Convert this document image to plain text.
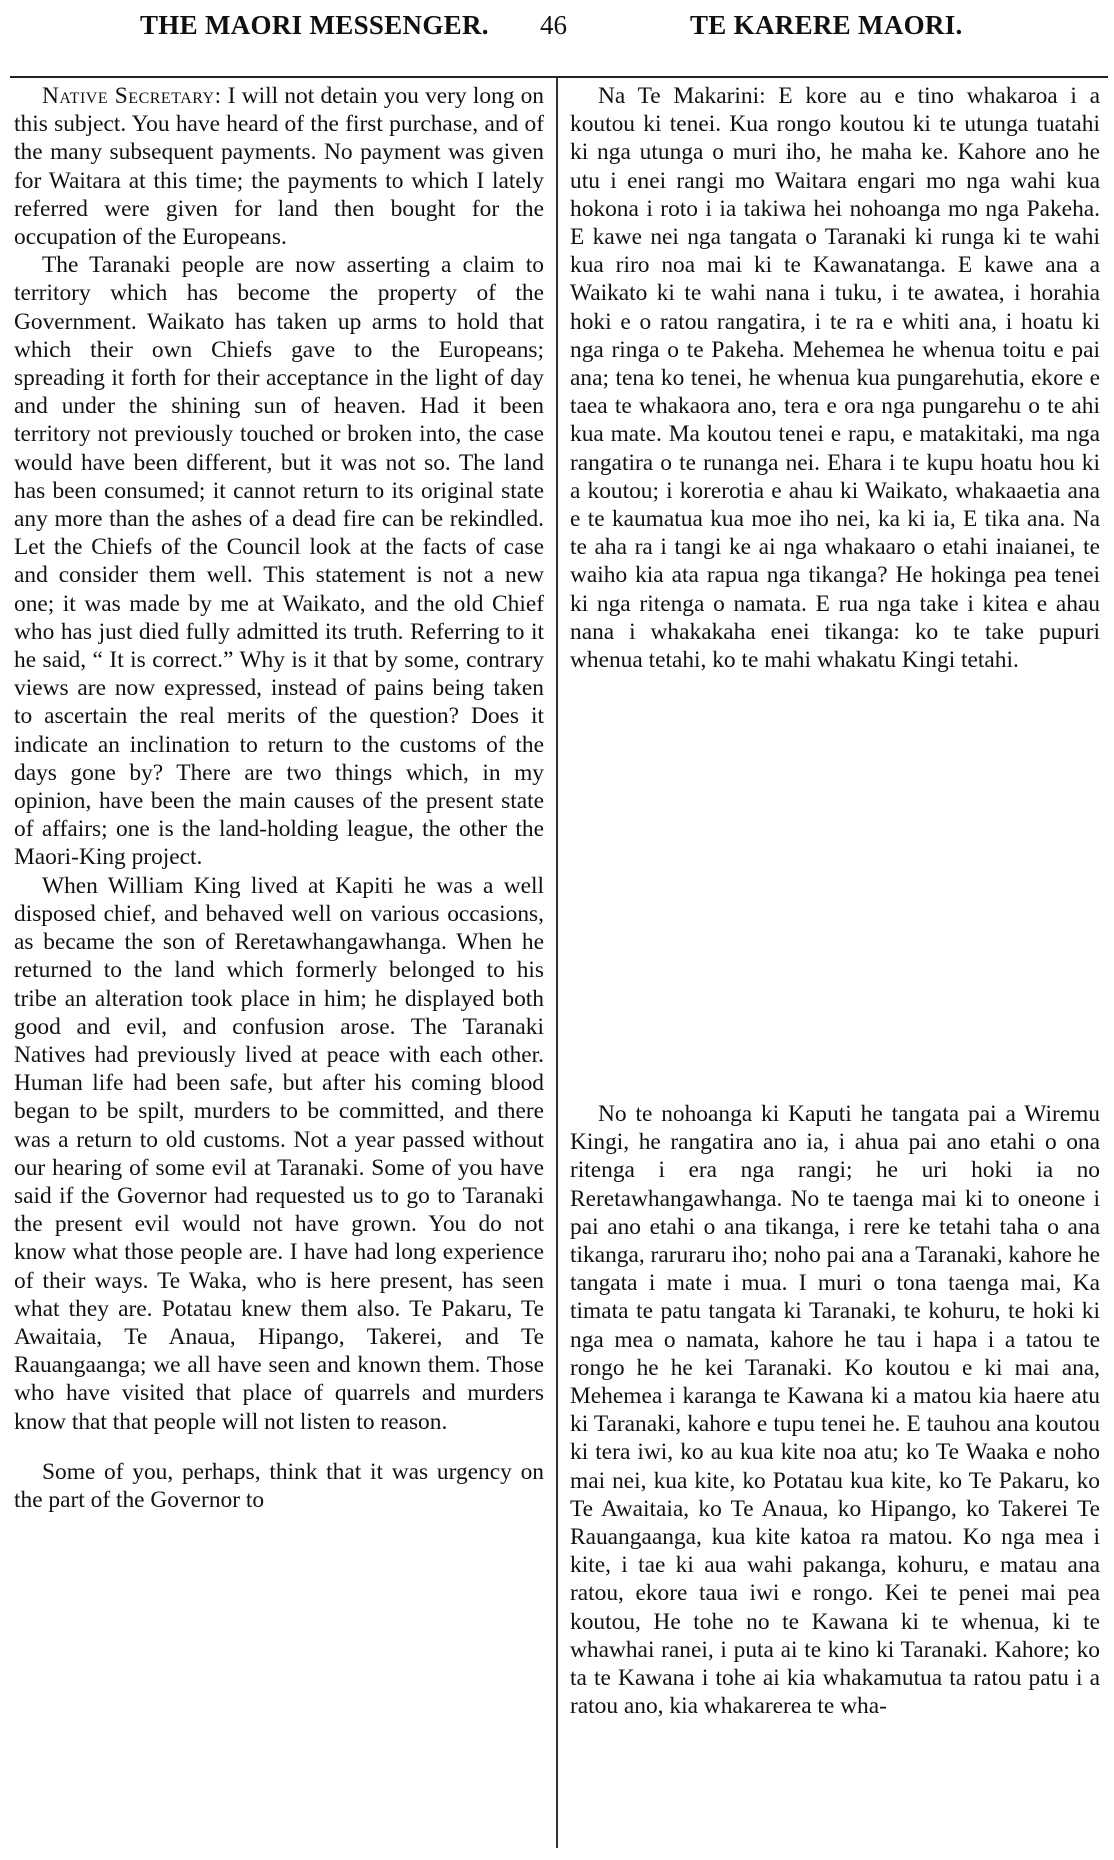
THE MAORI MESSENGER. 46	TE KARERE MAORI.

Native Secretary: I will not detain you very long on this subject. You have heard of the first purchase, and of the many subsequent payments. No payment was given for Waitara at this time; the payments to which I lately referred were given for land then bought for the occupation of the Europeans.

The Taranaki people are now asserting a claim to territory which has become the property of the Government. Waikato has taken up arms to hold that which their own Chiefs gave to the Europeans; spreading it forth for their acceptance in the light of day and under the shining sun of heaven. Had it been territory not previously touched or broken into, the case would have been different, but it was not so. The land has been consumed; it cannot return to its original state any more than the ashes of a dead fire can be rekindled. Let the Chiefs of the Council look at the facts of case and consider them well. This statement is not a new one; it was made by me at Waikato, and the old Chief who has just died fully admitted its truth. Referring to it he said, “ It is correct.” Why is it that by some, contrary views are now expressed, instead of pains being taken to ascertain the real merits of the question? Does it indicate an inclination to return to the customs of the days gone by? There are two things which, in my opinion, have been the main causes of the present state of affairs; one is the land-holding league, the other the Maori-King project.

When William King lived at Kapiti he was a well disposed chief, and behaved well on various occasions, as became the son of Reretawhangawhanga. When he returned to the land which formerly belonged to his tribe an alteration took place in him; he displayed both good and evil, and confusion arose. The Taranaki Natives had previously lived at peace with each other. Human life had been safe, but after his coming blood began to be spilt, murders to be committed, and there was a return to old customs. Not a year passed without our hearing of some evil at Taranaki. Some of you have said if the Governor had requested us to go to Taranaki the present evil would not have grown. You do not know what those people are. I have had long experience of their ways. Te Waka, who is here present, has seen what they are. Potatau knew them also. Te Pakaru, Te Awaitaia, Te Anaua, Hipango, Takerei, and Te Rauangaanga; we all have seen and known them. Those who have visited that place of quarrels and murders know that that people will not listen to reason.

Some of you, perhaps, think that it was urgency on the part of the Governor to

Na Te Makarini: E kore au e tino whakaroa i a koutou ki tenei. Kua rongo koutou ki te utunga tuatahi ki nga utunga o muri iho, he maha ke. Kahore ano he utu i enei rangi mo Waitara engari mo nga wahi kua hokona i roto i ia takiwa hei nohoanga mo nga Pakeha. E kawe nei nga tangata o Taranaki ki runga ki te wahi kua riro noa mai ki te Kawanatanga. E kawe ana a Waikato ki te wahi nana i tuku, i te awatea, i horahia hoki e o ratou rangatira, i te ra e whiti ana, i hoatu ki nga ringa o te Pakeha. Mehemea he whenua toitu e pai ana; tena ko tenei, he whenua kua pungarehutia, ekore e taea te whakaora ano, tera e ora nga pungarehu o te ahi kua mate. Ma koutou tenei e rapu, e matakitaki, ma nga rangatira o te runanga nei. Ehara i te kupu hoatu hou ki a koutou; i korerotia e ahau ki Waikato, whakaaetia ana e te kaumatua kua moe iho nei, ka ki ia, E tika ana. Na te aha ra i tangi ke ai nga whakaaro o etahi inaianei, te waiho kia ata rapua nga tikanga? He hokinga pea tenei ki nga ritenga o namata. E rua nga take i kitea e ahau nana i whakakaha enei tikanga: ko te take pupuri whenua tetahi, ko te mahi whakatu Kingi tetahi.

No te nohoanga ki Kaputi he tangata pai a Wiremu Kingi, he rangatira ano ia, i ahua pai ano etahi o ona ritenga i era nga rangi; he uri hoki ia no Reretawhangawhanga. No te taenga mai ki to oneone i pai ano etahi o ana tikanga, i rere ke tetahi taha o ana tikanga, raruraru iho; noho pai ana a Taranaki, kahore he tangata i mate i mua. I muri o tona taenga mai, Ka timata te patu tangata ki Taranaki, te kohuru, te hoki ki nga mea o namata, kahore he tau i hapa i a tatou te rongo he he kei Taranaki. Ko koutou e ki mai ana, Mehemea i karanga te Kawana ki a matou kia haere atu ki Taranaki, kahore e tupu tenei he. E tauhou ana koutou ki tera iwi, ko au kua kite noa atu; ko Te Waaka e noho mai nei, kua kite, ko Potatau kua kite, ko Te Pakaru, ko Te Awaitaia, ko Te Anaua, ko Hipango, ko Takerei Te Rauangaanga, kua kite katoa ra matou. Ko nga mea i kite, i tae ki aua wahi pakanga, kohuru, e matau ana ratou, ekore taua iwi e rongo. Kei te penei mai pea koutou, He tohe no te Kawana ki te whenua, ki te whawhai ranei, i puta ai te kino ki Taranaki. Kahore; ko ta te Kawana i tohe ai kia whakamutua ta ratou patu i a ratou ano, kia whakarerea te wha-
